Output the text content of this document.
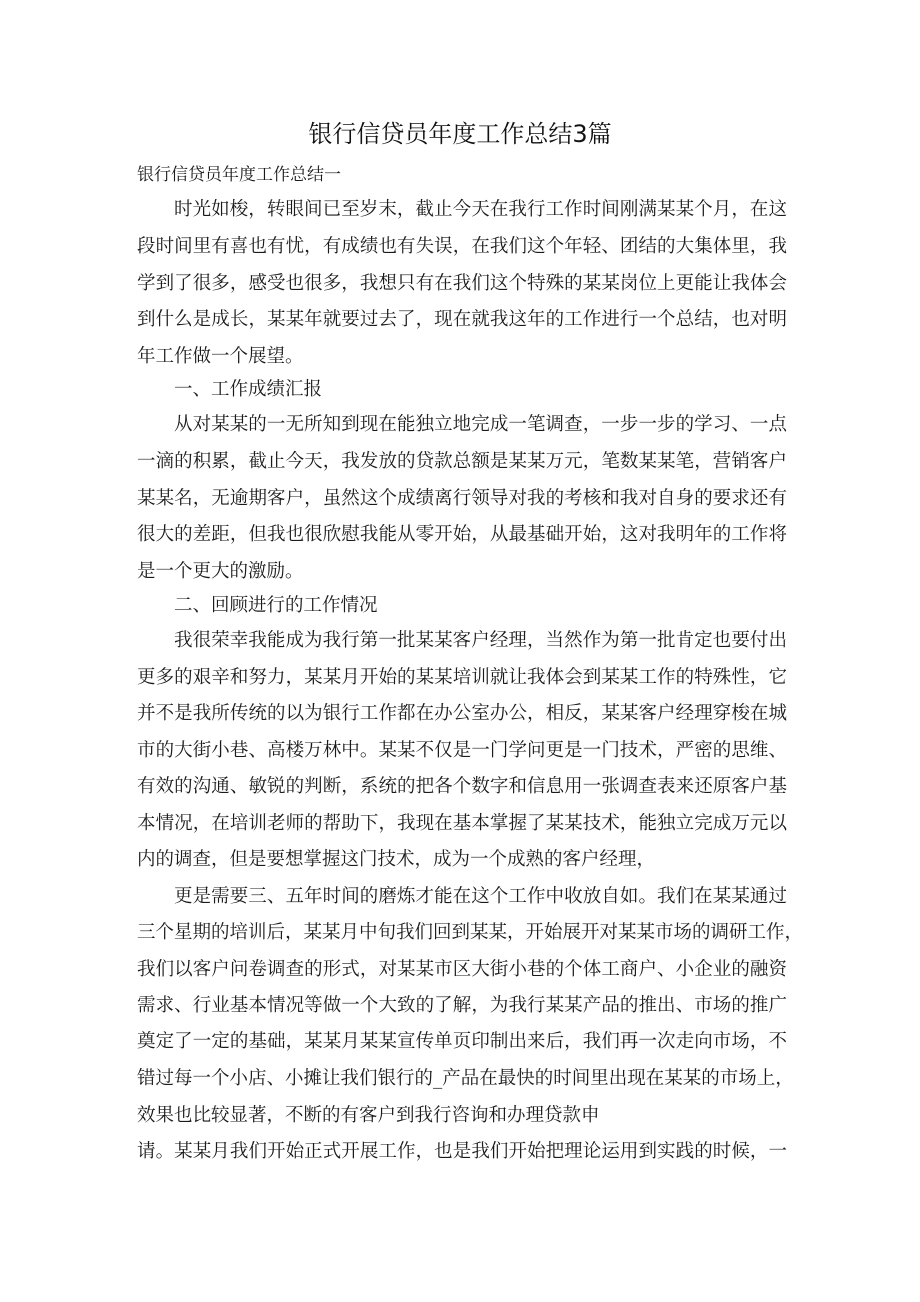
银行信贷员年度工作总结3篇
银行信贷员年度工作总结一
时光如梭，转眼间已至岁末，截止今天在我行工作时间刚满某某个月，在这
段时间里有喜也有忧，有成绩也有失误，在我们这个年轻、团结的大集体里，我
学到了很多，感受也很多，我想只有在我们这个特殊的某某岗位上更能让我体会
到什么是成长，某某年就要过去了，现在就我这年的工作进行一个总结，也对明
年工作做一个展望。
一、工作成绩汇报
从对某某的一无所知到现在能独立地完成一笔调查，一步一步的学习、一点
一滴的积累，截止今天，我发放的贷款总额是某某万元，笔数某某笔，营销客户
某某名，无逾期客户，虽然这个成绩离行领导对我的考核和我对自身的要求还有
很大的差距，但我也很欣慰我能从零开始，从最基础开始，这对我明年的工作将
是一个更大的激励。
二、回顾进行的工作情况
我很荣幸我能成为我行第一批某某客户经理，当然作为第一批肯定也要付出
更多的艰辛和努力，某某月开始的某某培训就让我体会到某某工作的特殊性，它
并不是我所传统的以为银行工作都在办公室办公，相反，某某客户经理穿梭在城
市的大街小巷、高楼万林中。某某不仅是一门学问更是一门技术，严密的思维、
有效的沟通、敏锐的判断，系统的把各个数字和信息用一张调查表来还原客户基
本情况，在培训老师的帮助下，我现在基本掌握了某某技术，能独立完成万元以
内的调查，但是要想掌握这门技术，成为一个成熟的客户经理，
更是需要三、五年时间的磨炼才能在这个工作中收放自如。我们在某某通过
三个星期的培训后，某某月中旬我们回到某某，开始展开对某某市场的调研工作，
我们以客户问卷调查的形式，对某某市区大街小巷的个体工商户、小企业的融资
需求、行业基本情况等做一个大致的了解，为我行某某产品的推出、市场的推广
奠定了一定的基础，某某月某某宣传单页印制出来后，我们再一次走向市场，不
错过每一个小店、小摊让我们银行的_产品在最快的时间里出现在某某的市场上，
效果也比较显著，不断的有客户到我行咨询和办理贷款申
请。某某月我们开始正式开展工作，也是我们开始把理论运用到实践的时候，一
